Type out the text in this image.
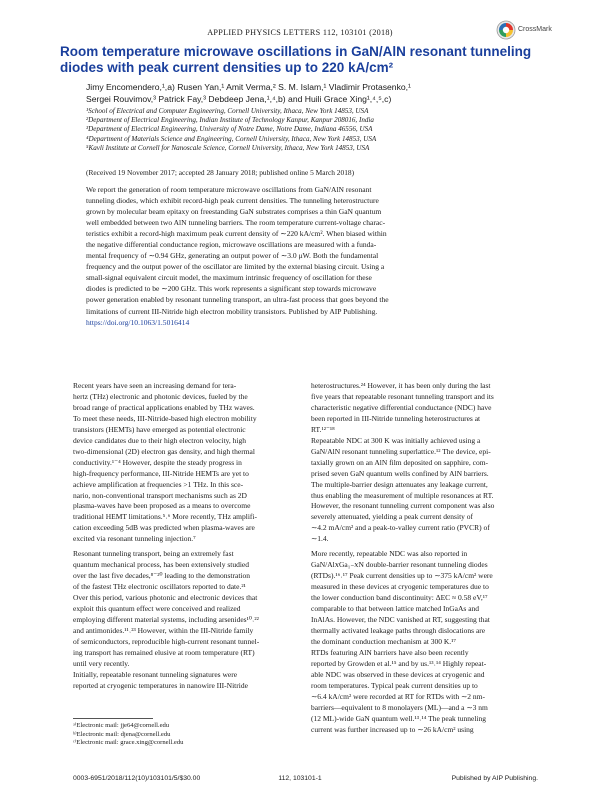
APPLIED PHYSICS LETTERS 112, 103101 (2018)	CrossMark
Room temperature microwave oscillations in GaN/AlN resonant tunneling
diodes with peak current densities up to 220 kA/cm²
Jimy Encomendero,¹,a) Rusen Yan,¹ Amit Verma,² S. M. Islam,¹ Vladimir Protasenko,¹
Sergei Rouvimov,³ Patrick Fay,³ Debdeep Jena,¹,⁴,b) and Huili Grace Xing¹,⁴,⁵,c)
¹School of Electrical and Computer Engineering, Cornell University, Ithaca, New York 14853, USA
²Department of Electrical Engineering, Indian Institute of Technology Kanpur, Kanpur 208016, India
³Department of Electrical Engineering, University of Notre Dame, Notre Dame, Indiana 46556, USA
⁴Department of Materials Science and Engineering, Cornell University, Ithaca, New York 14853, USA
⁵Kavli Institute at Cornell for Nanoscale Science, Cornell University, Ithaca, New York 14853, USA
(Received 19 November 2017; accepted 28 January 2018; published online 5 March 2018)
We report the generation of room temperature microwave oscillations from GaN/AlN resonant
tunneling diodes, which exhibit record-high peak current densities. The tunneling heterostructure
grown by molecular beam epitaxy on freestanding GaN substrates comprises a thin GaN quantum
well embedded between two AlN tunneling barriers. The room temperature current-voltage charac-
teristics exhibit a record-high maximum peak current density of ∼220 kA/cm². When biased within
the negative differential conductance region, microwave oscillations are measured with a funda-
mental frequency of ∼0.94 GHz, generating an output power of ∼3.0 μW. Both the fundamental
frequency and the output power of the oscillator are limited by the external biasing circuit. Using a
small-signal equivalent circuit model, the maximum intrinsic frequency of oscillation for these
diodes is predicted to be ∼200 GHz. This work represents a significant step towards microwave
power generation enabled by resonant tunneling transport, an ultra-fast process that goes beyond the
limitations of current III-Nitride high electron mobility transistors. Published by AIP Publishing.
https://doi.org/10.1063/1.5016414
Recent years have seen an increasing demand for tera-
hertz (THz) electronic and photonic devices, fueled by the
broad range of practical applications enabled by THz waves.
To meet these needs, III-Nitride-based high electron mobility
transistors (HEMTs) have emerged as potential electronic
device candidates due to their high electron velocity, high
two-dimensional (2D) electron gas density, and high thermal
conductivity.¹⁻⁴ However, despite the steady progress in
high-frequency performance, III-Nitride HEMTs are yet to
achieve amplification at frequencies >1 THz. In this sce-
nario, non-conventional transport mechanisms such as 2D
plasma-waves have been proposed as a means to overcome
traditional HEMT limitations.⁵˒⁶ More recently, THz amplifi-
cation exceeding 5dB was predicted when plasma-waves are
excited via resonant tunneling injection.⁷
Resonant tunneling transport, being an extremely fast
quantum mechanical process, has been extensively studied
over the last five decades,⁸⁻²⁰ leading to the demonstration
of the fastest THz electronic oscillators reported to date.²¹
Over this period, various photonic and electronic devices that
exploit this quantum effect were conceived and realized
employing different material systems, including arsenides¹⁰˒²²
and antimonides.¹¹˒²³ However, within the III-Nitride family
of semiconductors, reproducible high-current resonant tunnel-
ing transport has remained elusive at room temperature (RT)
until very recently.
Initially, repeatable resonant tunneling signatures were
reported at cryogenic temperatures in nanowire III-Nitride
heterostructures.²⁴ However, it has been only during the last
five years that repeatable resonant tunneling transport and its
characteristic negative differential conductance (NDC) have
been reported in III-Nitride tunneling heterostructures at
RT.¹²⁻¹⁸
Repeatable NDC at 300 K was initially achieved using a
GaN/AlN resonant tunneling superlattice.¹² The device, epi-
taxially grown on an AlN film deposited on sapphire, com-
prised seven GaN quantum wells confined by AlN barriers.
The multiple-barrier design attenuates any leakage current,
thus enabling the measurement of multiple resonances at RT.
However, the resonant tunneling current component was also
severely attenuated, yielding a peak current density of
∼4.2 mA/cm² and a peak-to-valley current ratio (PVCR) of
∼1.4.
More recently, repeatable NDC was also reported in
GaN/Al𝑥Ga₁₋𝑥N double-barrier resonant tunneling diodes
(RTDs).¹⁶˒¹⁷ Peak current densities up to ∼375 kA/cm² were
measured in these devices at cryogenic temperatures due to
the lower conduction band discontinuity: ΔEC ≈ 0.58 eV,¹⁷
comparable to that between lattice matched InGaAs and
InAlAs. However, the NDC vanished at RT, suggesting that
thermally activated leakage paths through dislocations are
the dominant conduction mechanism at 300 K.¹⁷
RTDs featuring AlN barriers have also been recently
reported by Growden et al.¹⁵ and by us.¹³˒¹⁴ Highly repeat-
able NDC was observed in these devices at cryogenic and
room temperatures. Typical peak current densities up to
∼6.4 kA/cm² were recorded at RT for RTDs with ∼2 nm-
barriers—equivalent to 8 monolayers (ML)—and a ∼3 nm
(12 ML)-wide GaN quantum well.¹³˒¹⁴ The peak tunneling
current was further increased up to ∼26 kA/cm² using
ᵃ⁾Electronic mail: jje64@cornell.edu
ᵇ⁾Electronic mail: djena@cornell.edu
ᶜ⁾Electronic mail: grace.xing@cornell.edu
0003-6951/2018/112(10)/103101/5/$30.00	112, 103101-1	Published by AIP Publishing.
